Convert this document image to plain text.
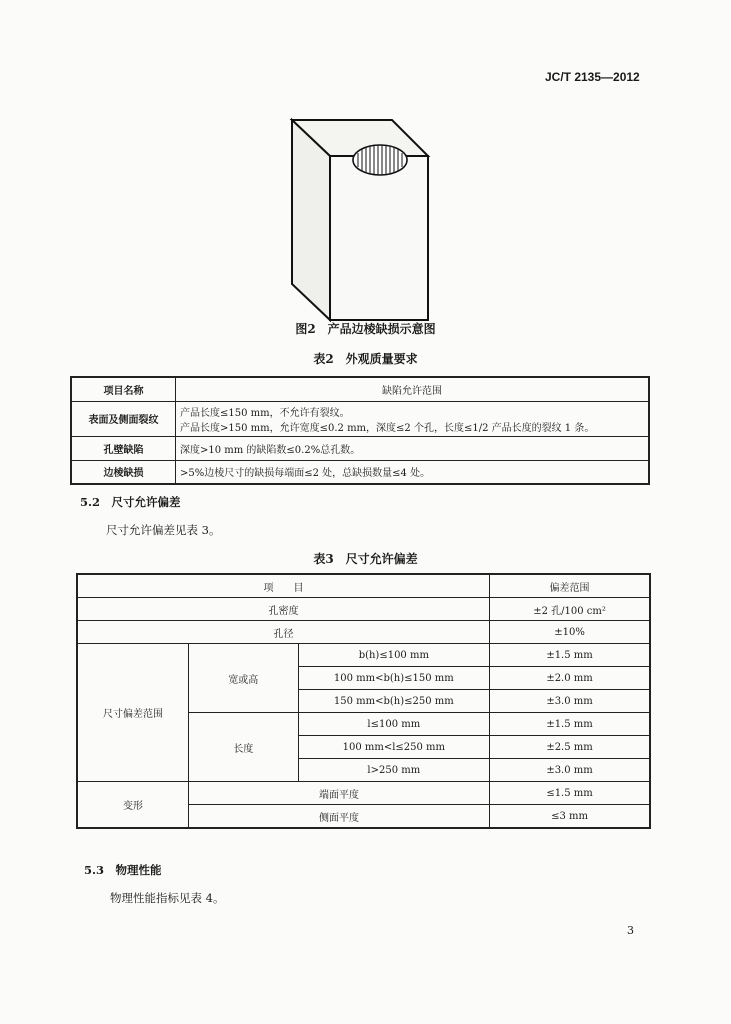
JC/T 2135—2012
图2　产品边棱缺损示意图
表2　外观质量要求
项目名称	缺陷允许范围
表面及侧面裂纹	产品长度≤150 mm，不允许有裂纹。
产品长度>150 mm，允许宽度≤0.2 mm，深度≤2 个孔，长度≤1/2 产品长度的裂纹 1 条。

孔壁缺陷	深度>10 mm 的缺陷数≤0.2%总孔数。
边棱缺损	>5%边棱尺寸的缺损每端面≤2 处，总缺损数量≤4 处。
5.2　尺寸允许偏差
尺寸允许偏差见表 3。
表3　尺寸允许偏差
项　　目			偏差范围
孔密度			±2 孔/100 cm²
孔径			±10%
尺寸偏差范围	宽或高	b(h)≤100 mm	±1.5 mm
		100 mm<b(h)≤150 mm	±2.0 mm
		150 mm<b(h)≤250 mm	±3.0 mm
	长度	l≤100 mm	±1.5 mm
		100 mm<l≤250 mm	±2.5 mm
		l>250 mm	±3.0 mm
变形	端面平度		≤1.5 mm
	侧面平度		≤3 mm
5.3　物理性能
物理性能指标见表 4。
3
